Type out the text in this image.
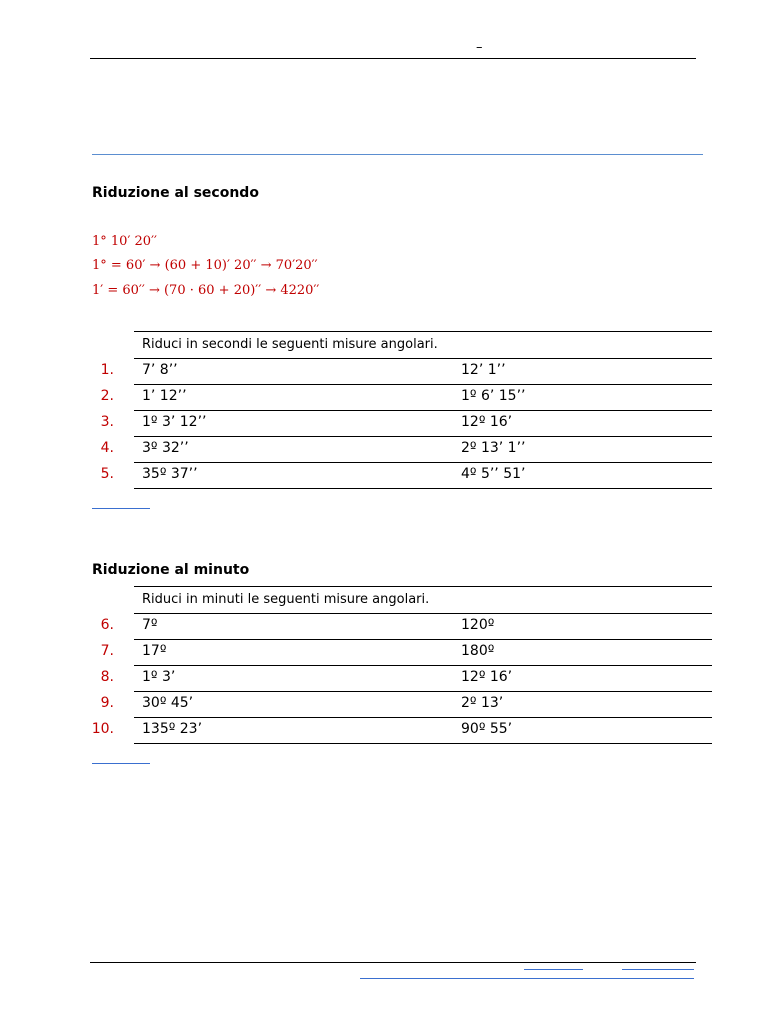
–
Riduzione al secondo
1° 10′ 20′′
1° = 60′ → (60 + 10)′ 20′′ → 70′20′′
1′ = 60′′ → (70 · 60 + 20)′′ → 4220′′
Riduci in secondi le seguenti misure angolari.
1. 7’ 8’’	12’ 1’’
2. 1’ 12’’	1º 6’ 15’’
3. 1º 3’ 12’’	12º 16’
4. 3º 32’’	2º 13’ 1’’
5. 35º 37’’	4º 5’’ 51’
Riduzione al minuto
Riduci in minuti le seguenti misure angolari.
6. 7º	120º
7. 17º	180º
8. 1º 3’	12º 16’
9. 30º 45’	2º 13’
10. 135º 23’	90º 55’
